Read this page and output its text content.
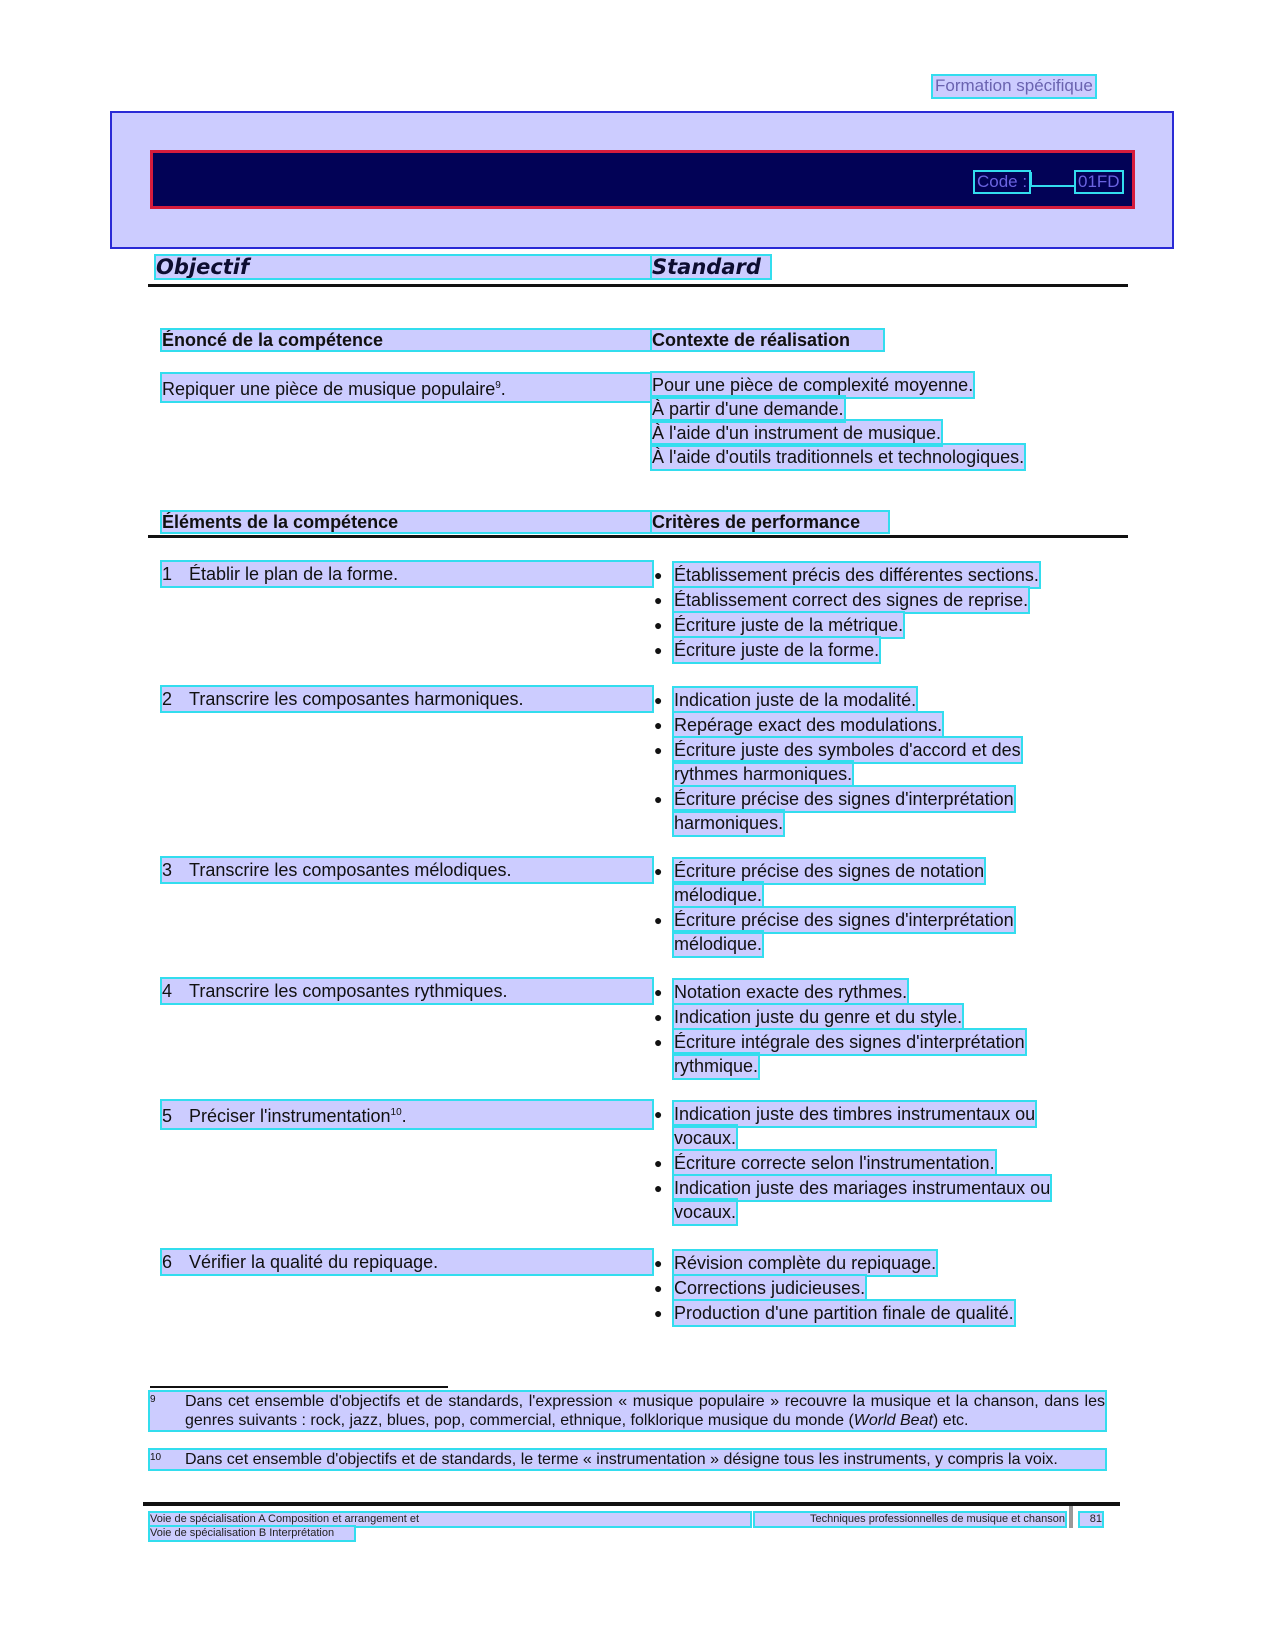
Formation spécifique
Code :	01FD
Objectif	Standard
Énoncé de la compétence	Contexte de réalisation
Repiquer une pièce de musique populaire$^9$.	Pour une pièce de complexité moyenne.
À partir d'une demande.
À l'aide d'un instrument de musique.
À l'aide d'outils traditionnels et technologiques.
Éléments de la compétence	Critères de performance
1 Établir le plan de la forme.	● Établissement précis des différentes sections.
● Établissement correct des signes de reprise.
● Écriture juste de la métrique.
● Écriture juste de la forme.
2 Transcrire les composantes harmoniques.	● Indication juste de la modalité.
● Repérage exact des modulations.
● Écriture juste des symboles d'accord et des
rythmes harmoniques.
● Écriture précise des signes d'interprétation
harmoniques.
3 Transcrire les composantes mélodiques.	● Écriture précise des signes de notation
mélodique.
● Écriture précise des signes d'interprétation
mélodique.
4 Transcrire les composantes rythmiques.	● Notation exacte des rythmes.
● Indication juste du genre et du style.
● Écriture intégrale des signes d'interprétation
rythmique.
5 Préciser l'instrumentation$^{10}$.	● Indication juste des timbres instrumentaux ou
vocaux.
● Écriture correcte selon l'instrumentation.
● Indication juste des mariages instrumentaux ou
vocaux.
6 Vérifier la qualité du repiquage.	● Révision complète du repiquage.
● Corrections judicieuses.
● Production d'une partition finale de qualité.
9	Dans cet ensemble d'objectifs et de standards, l'expression « musique populaire » recouvre la musique et la chanson, dans les genres suivants : rock, jazz, blues, pop, commercial, ethnique, folklorique musique du monde (World Beat) etc.
10	Dans cet ensemble d'objectifs et de standards, le terme « instrumentation » désigne tous les instruments, y compris la voix.
Voie de spécialisation A Composition et arrangement et
Voie de spécialisation B Interprétation
Techniques professionnelles de musique et chanson	81
